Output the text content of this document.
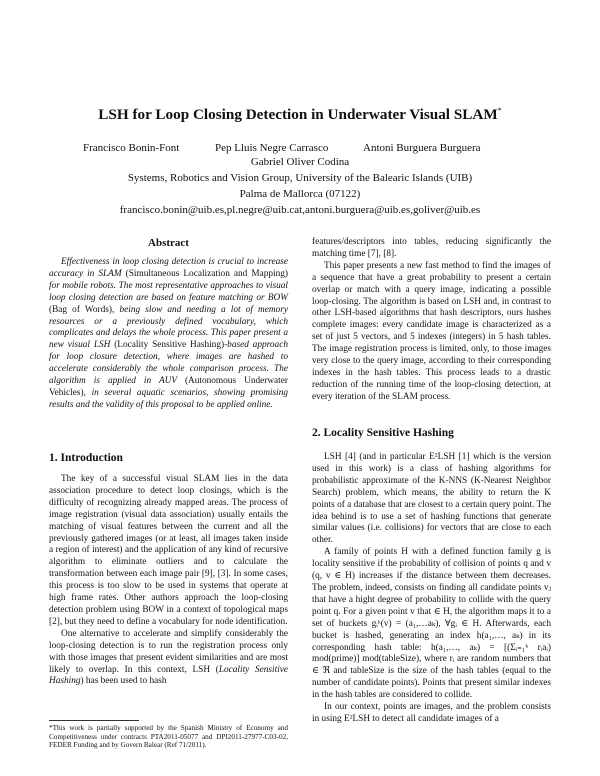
LSH for Loop Closing Detection in Underwater Visual SLAM*
Francisco Bonin-Font	Pep Lluis Negre Carrasco	Antoni Burguera Burguera
Gabriel Oliver Codina
Systems, Robotics and Vision Group, University of the Balearic Islands (UIB)
Palma de Mallorca (07122)
francisco.bonin@uib.es,pl.negre@uib.cat,antoni.burguera@uib.es,goliver@uib.es
Abstract

Effectiveness in loop closing detection is crucial to increase accuracy in SLAM (Simultaneous Localization and Mapping) for mobile robots. The most representative approaches to visual loop closing detection are based on feature matching or BOW (Bag of Words), being slow and needing a lot of memory resources or a previously defined vocabulary, which complicates and delays the whole process. This paper present a new visual LSH (Locality Sensitive Hashing)-based approach for loop closure detection, where images are hashed to accelerate considerably the whole comparison process. The algorithm is applied in AUV (Autonomous Underwater Vehicles), in several aquatic scenarios, showing promising results and the validity of this proposal to be applied online.

1. Introduction

The key of a successful visual SLAM lies in the data association procedure to detect loop closings, which is the difficulty of recognizing already mapped areas. The process of image registration (visual data association) usually entails the matching of visual features between the current and all the previously gathered images (or at least, all images taken inside a region of interest) and the application of any kind of recursive algorithm to eliminate outliers and to calculate the transformation between each image pair [9], [3]. In some cases, this process is too slow to be used in systems that operate at high frame rates. Other authors approach the loop-closing detection problem using BOW in a context of topological maps [2], but they need to define a vocabulary for node identification.

One alternative to accelerate and simplify considerably the loop-closing detection is to run the registration process only with those images that present evident similarities and are most likely to overlap. In this context, LSH (Locality Sensitive Hashing) has been used to hash

*This work is partially supported by the Spanish Ministry of Economy and Competitiveness under contracts PTA2011-05077 and DPI2011-27977-C03-02, FEDER Funding and by Govern Balear (Ref 71/2011).

features/descriptors into tables, reducing significantly the matching time [7], [8].

This paper presents a new fast method to find the images of a sequence that have a great probability to present a certain overlap or match with a query image, indicating a possible loop-closing. The algorithm is based on LSH and, in contrast to other LSH-based algorithms that hash descriptors, ours hashes complete images: every candidate image is characterized as a set of just 5 vectors, and 5 indexes (integers) in 5 hash tables. The image registration process is limited, only, to those images very close to the query image, according to their corresponding indexes in the hash tables. This process leads to a drastic reduction of the running time of the loop-closing detection, at every iteration of the SLAM process.

2. Locality Sensitive Hashing

LSH [4] (and in particular E²LSH [1] which is the version used in this work) is a class of hashing algorithms for probabilistic approximate of the K-NNS (K-Nearest Neighbor Search) problem, which means, the ability to return the K points of a database that are closest to a certain query point. The idea behind is to use a set of hashing functions that generate similar values (i.e. collisions) for vectors that are close to each other.

A family of points H with a defined function family g is locality sensitive if the probability of collision of points q and v (q, v ∈ H) increases if the distance between them decreases. The problem, indeed, consists on finding all candidate points vⱼ that have a hight degree of probability to collide with the query point q. For a given point v that ∈ H, the algorithm maps it to a set of buckets gᵢᵏ(v) = (a₁,…aₖ), ∀gᵢ ∈ H. Afterwards, each bucket is hashed, generating an index h(a₁,…, aₖ) in its corresponding hash table: h(a₁,…, aₖ) = [(Σᵢ₌₁ᵏ rᵢaᵢ) mod(prime)] mod(tableSize), where rᵢ are random numbers that ∈ ℜ and tableSize is the size of the hash tables (equal to the number of candidate points). Points that present similar indexes in the hash tables are considered to collide.

In our context, points are images, and the problem consists in using E²LSH to detect all candidate images of a
